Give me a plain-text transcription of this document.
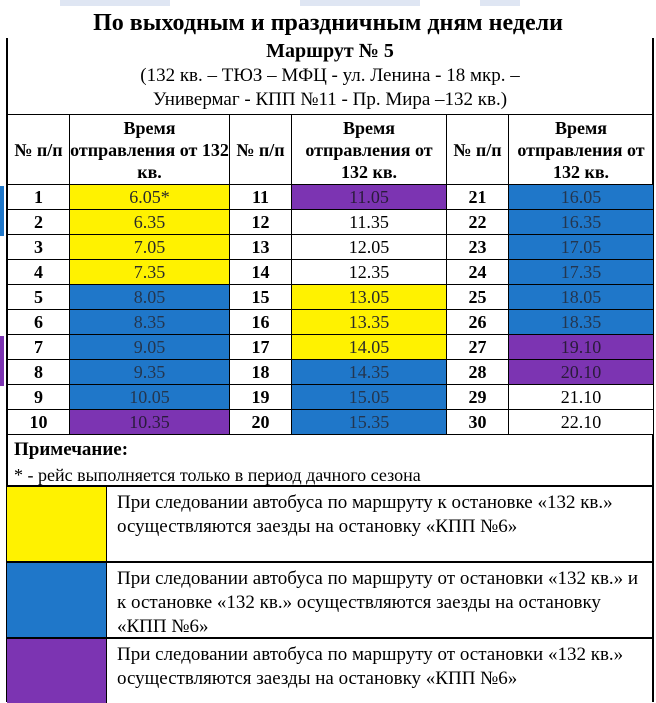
По выходным и праздничным дням недели
Маршрут № 5
(132 кв. – ТЮЗ – МФЦ - ул. Ленина - 18 мкр. –
Универмаг - КПП №11 - Пр. Мира –132 кв.)
№ п/п	Время отправления от 132 кв.	№ п/п	Время отправления от 132 кв.	№ п/п	Время отправления от 132 кв.
1	6.05*	11	11.05	21	16.05
2	6.35	12	11.35	22	16.35
3	7.05	13	12.05	23	17.05
4	7.35	14	12.35	24	17.35
5	8.05	15	13.05	25	18.05
6	8.35	16	13.35	26	18.35
7	9.05	17	14.05	27	19.10
8	9.35	18	14.35	28	20.10
9	10.05	19	15.05	29	21.10
10	10.35	20	15.35	30	22.10
Примечание:
* - рейс выполняется только в период дачного сезона
При следовании автобуса по маршруту к остановке «132 кв.» осуществляются заезды на остановку «КПП №6»
При следовании автобуса по маршруту от остановки «132 кв.» и к остановке «132 кв.» осуществляются заезды на остановку «КПП №6»
При следовании автобуса по маршруту от остановки «132 кв.» осуществляются заезды на остановку «КПП №6»
